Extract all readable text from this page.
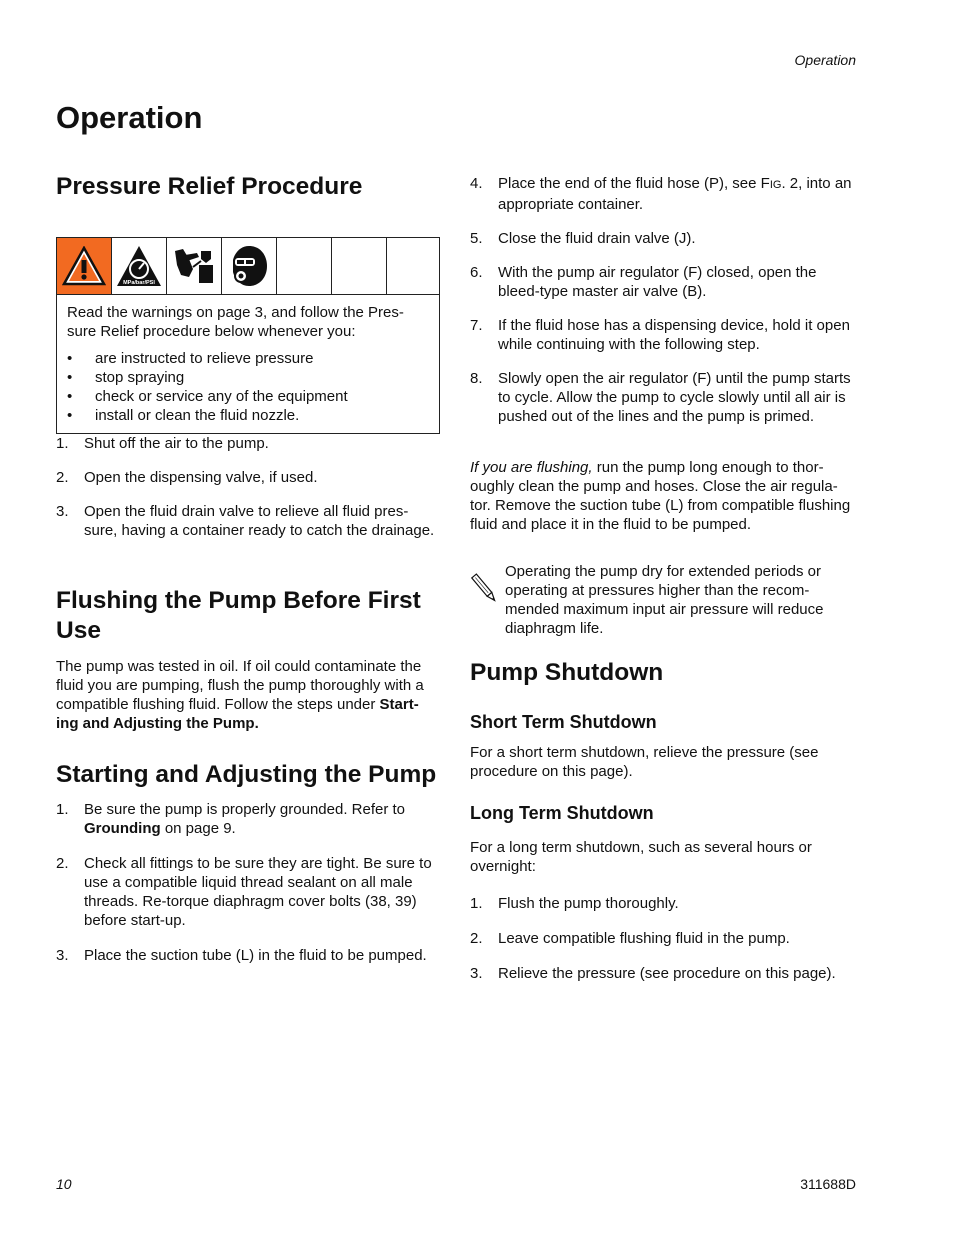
Operation
Operation
Pressure Relief Procedure
MPa/bar/PSI

Read the warnings on page 3, and follow the Pres-sure Relief procedure below whenever you:

• are instructed to relieve pressure
• stop spraying
• check or service any of the equipment
• install or clean the fluid nozzle.
1. Shut off the air to the pump.
2. Open the dispensing valve, if used.
3. Open the fluid drain valve to relieve all fluid pres-sure, having a container ready to catch the drainage.
Flushing the Pump Before First Use

The pump was tested in oil. If oil could contaminate the fluid you are pumping, flush the pump thoroughly with a compatible flushing fluid. Follow the steps under Start-ing and Adjusting the Pump.

Starting and Adjusting the Pump
1. Be sure the pump is properly grounded. Refer to Grounding on page 9.
2. Check all fittings to be sure they are tight. Be sure to use a compatible liquid thread sealant on all male threads. Re-torque diaphragm cover bolts (38, 39) before start-up.
3. Place the suction tube (L) in the fluid to be pumped.
4. Place the end of the fluid hose (P), see FIG. 2, into an appropriate container.
5. Close the fluid drain valve (J).
6. With the pump air regulator (F) closed, open the bleed-type master air valve (B).
7. If the fluid hose has a dispensing device, hold it open while continuing with the following step.
8. Slowly open the air regulator (F) until the pump starts to cycle. Allow the pump to cycle slowly until all air is pushed out of the lines and the pump is primed.

If you are flushing, run the pump long enough to thor-oughly clean the pump and hoses. Close the air regula-tor. Remove the suction tube (L) from compatible flushing fluid and place it in the fluid to be pumped.

Operating the pump dry for extended periods or operating at pressures higher than the recom-mended maximum input air pressure will reduce diaphragm life.

Pump Shutdown
Short Term Shutdown

For a short term shutdown, relieve the pressure (see procedure on this page).

Long Term Shutdown

For a long term shutdown, such as several hours or overnight:

1. Flush the pump thoroughly.
2. Leave compatible flushing fluid in the pump.
3. Relieve the pressure (see procedure on this page).
10	311688D
